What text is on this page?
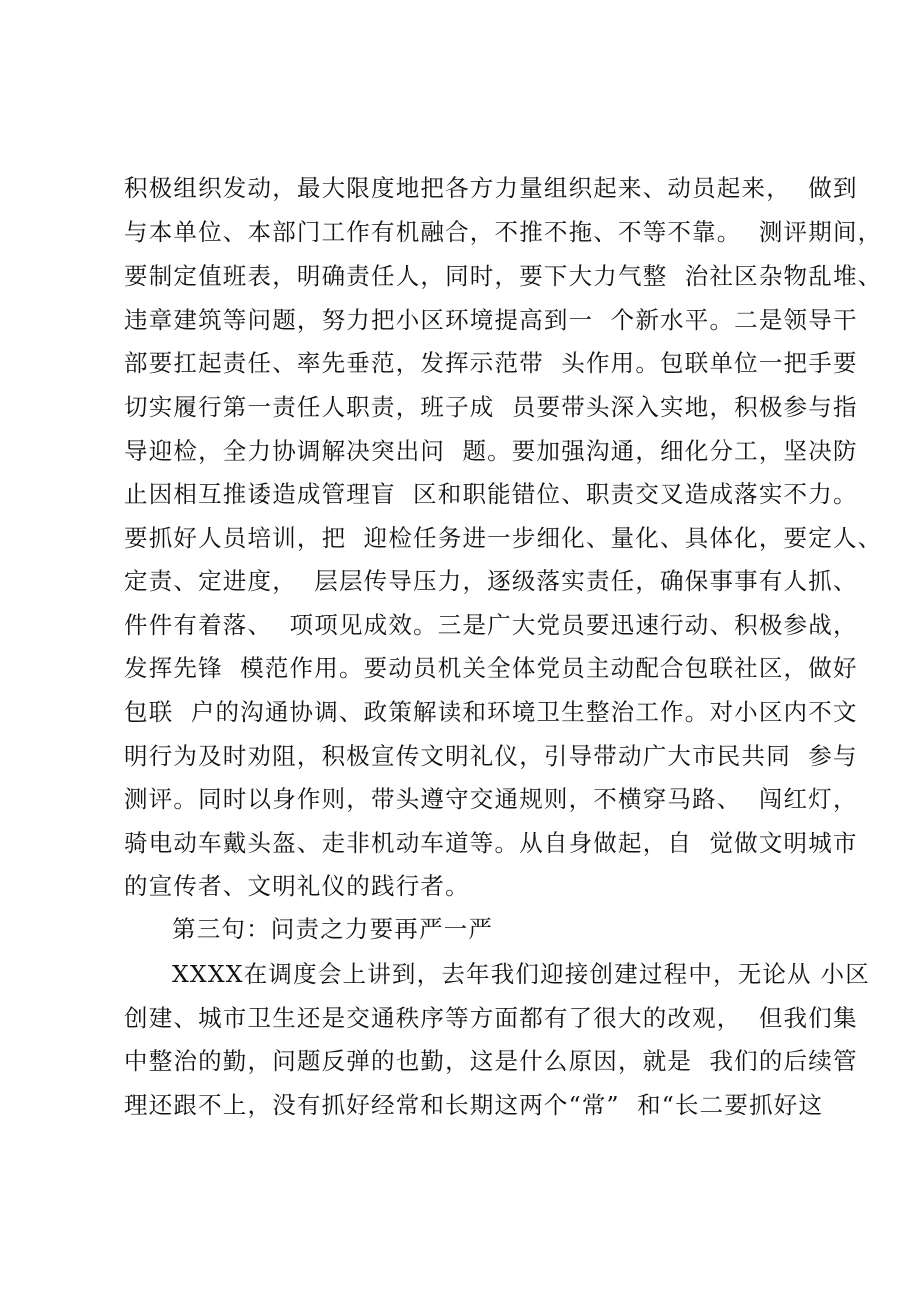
积极组织发动，最大限度地把各方力量组织起来、动员起来，  做到
与本单位、本部门工作有机融合，不推不拖、不等不靠。  测评期间，
要制定值班表，明确责任人，同时，要下大力气整  治社区杂物乱堆、
违章建筑等问题，努力把小区环境提高到一  个新水平。二是领导干
部要扛起责任、率先垂范，发挥示范带  头作用。包联单位一把手要
切实履行第一责任人职责，班子成  员要带头深入实地，积极参与指
导迎检，全力协调解决突出问  题。要加强沟通，细化分工，坚决防
止因相互推诿造成管理盲  区和职能错位、职责交叉造成落实不力。
要抓好人员培训，把  迎检任务进一步细化、量化、具体化，要定人、
定责、定进度，  层层传导压力，逐级落实责任，确保事事有人抓、
件件有着落、  项项见成效。三是广大党员要迅速行动、积极参战，
发挥先锋  模范作用。要动员机关全体党员主动配合包联社区，做好
包联  户的沟通协调、政策解读和环境卫生整治工作。对小区内不文
明行为及时劝阻，积极宣传文明礼仪，引导带动广大市民共同  参与
测评。同时以身作则，带头遵守交通规则，不横穿马路、  闯红灯，
骑电动车戴头盔、走非机动车道等。从自身做起，自  觉做文明城市
的宣传者、文明礼仪的践行者。
第三句：问责之力要再严一严
XXXX在调度会上讲到，去年我们迎接创建过程中，无论从 小区
创建、城市卫生还是交通秩序等方面都有了很大的改观，  但我们集
中整治的勤，问题反弹的也勤，这是什么原因，就是  我们的后续管
理还跟不上，没有抓好经常和长期这两个“常”  和“长二要抓好这
